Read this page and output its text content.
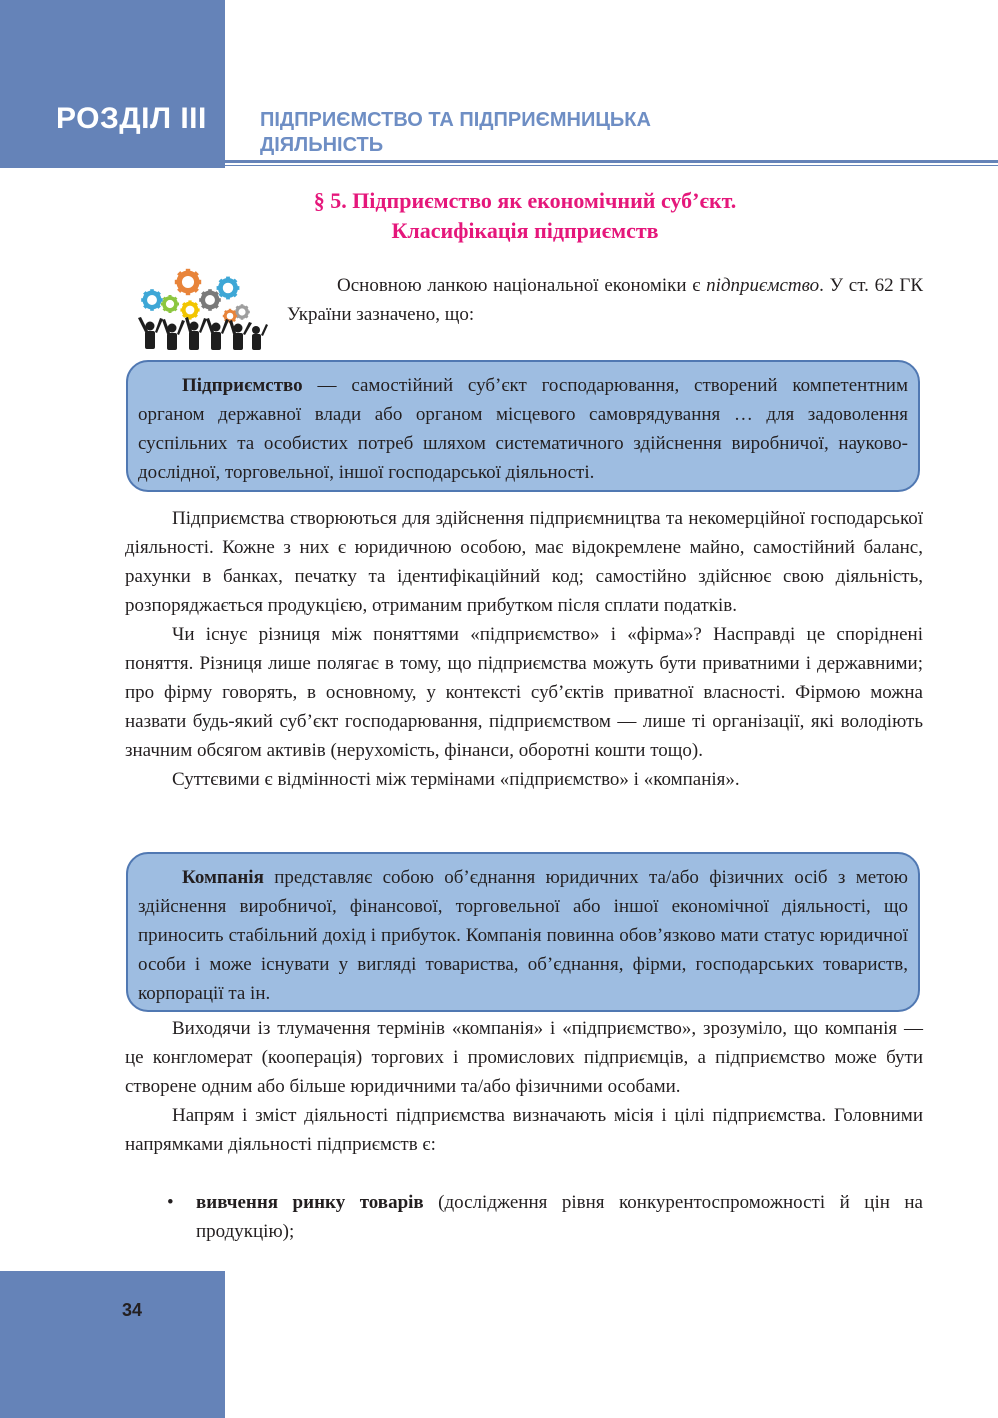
РОЗДІЛ ІІІ	ПІДПРИЄМСТВО ТА ПІДПРИЄМНИЦЬКА
ДІЯЛЬНІСТЬ
§ 5. Підприємство як економічний суб’єкт.
Класифікація підприємств

Основною ланкою національної економіки є підприємство. У ст. 62 ГК України зазначено, що:

Підприємство — самостійний суб’єкт господарювання, створений компетентним органом державної влади або органом місцевого самоврядування … для задоволення суспільних та особистих потреб шляхом систематичного здійснення виробничої, науково-дослідної, торговельної, іншої господарської діяльності.

Підприємства створюються для здійснення підприємництва та некомерційної господарської діяльності. Кожне з них є юридичною особою, має відокремлене майно, самостійний баланс, рахунки в банках, печатку та ідентифікаційний код; самостійно здійснює свою діяльність, розпоряджається продукцією, отриманим прибутком після сплати податків.

Чи існує різниця між поняттями «підприємство» і «фірма»? Насправді це споріднені поняття. Різниця лише полягає в тому, що підприємства можуть бути приватними і державними; про фірму говорять, в основному, у контексті суб’єктів приватної власності. Фірмою можна назвати будь-який суб’єкт господарювання, підприємством — лише ті організації, які володіють значним обсягом активів (нерухомість, фінанси, оборотні кошти тощо).

Суттєвими є відмінності між термінами «підприємство» і «компанія».

Компанія представляє собою об’єднання юридичних та/або фізичних осіб з метою здійснення виробничої, фінансової, торговельної або іншої економічної діяльності, що приносить стабільний дохід і прибуток. Компанія повинна обов’язково мати статус юридичної особи і може існувати у вигляді товариства, об’єднання, фірми, господарських товариств, корпорації та ін.

Виходячи із тлумачення термінів «компанія» і «підприємство», зрозуміло, що компанія — це конгломерат (кооперація) торгових і промислових підприємців, а підприємство може бути створене одним або більше юридичними та/або фізичними особами.

Напрям і зміст діяльності підприємства визначають місія і цілі підприємства. Головними напрямками діяльності підприємств є:

• вивчення ринку товарів (дослідження рівня конкурентоспроможності й цін на продукцію);
34
